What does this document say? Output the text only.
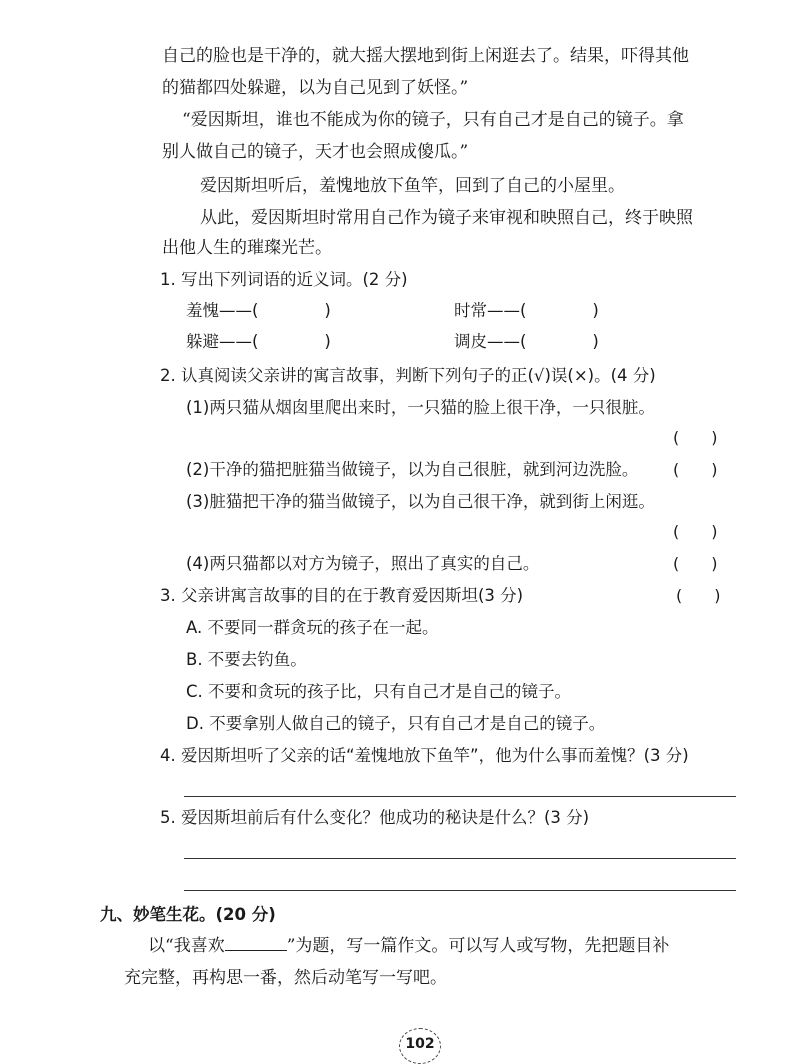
自己的脸也是干净的，就大摇大摆地到街上闲逛去了。结果，吓得其他
的猫都四处躲避，以为自己见到了妖怪。”
“爱因斯坦，谁也不能成为你的镜子，只有自己才是自己的镜子。拿
别人做自己的镜子，天才也会照成傻瓜。”
爱因斯坦听后，羞愧地放下鱼竿，回到了自己的小屋里。
从此，爱因斯坦时常用自己作为镜子来审视和映照自己，终于映照
出他人生的璀璨光芒。
1. 写出下列词语的近义词。(2 分)
羞愧——(　　　　)	时常——(　　　　)
躲避——(　　　　)	调皮——(　　　　)
2. 认真阅读父亲讲的寓言故事，判断下列句子的正(√)误(×)。(4 分)
(1)两只猫从烟囱里爬出来时，一只猫的脸上很干净，一只很脏。
(　　)
(2)干净的猫把脏猫当做镜子，以为自己很脏，就到河边洗脸。 (　　)
(3)脏猫把干净的猫当做镜子，以为自己很干净，就到街上闲逛。
(　　)
(4)两只猫都以对方为镜子，照出了真实的自己。	(　　)
3. 父亲讲寓言故事的目的在于教育爱因斯坦(3 分)	(　　)
A. 不要同一群贪玩的孩子在一起。
B. 不要去钓鱼。
C. 不要和贪玩的孩子比，只有自己才是自己的镜子。
D. 不要拿别人做自己的镜子，只有自己才是自己的镜子。
4. 爱因斯坦听了父亲的话“羞愧地放下鱼竿”，他为什么事而羞愧？(3 分)
5. 爱因斯坦前后有什么变化？他成功的秘诀是什么？(3 分)
九、妙笔生花。(20 分)
以“我喜欢	”为题，写一篇作文。可以写人或写物，先把题目补
充完整，再构思一番，然后动笔写一写吧。
102
